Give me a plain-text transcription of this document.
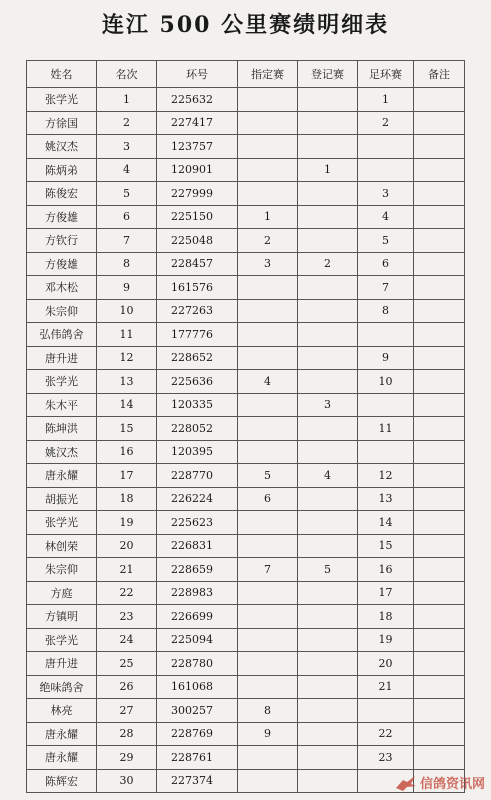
连江 500 公里赛绩明细表
姓名	名次	环号	指定赛	登记赛	足环赛	备注
张学光	1	225632			1	
方徐国	2	227417			2	
姚汉杰	3	123757				
陈炳弟	4	120901		1		
陈俊宏	5	227999			3	
方俊雄	6	225150	1		4	
方钦行	7	225048	2		5	
方俊雄	8	228457	3	2	6	
邓木松	9	161576			7	
朱宗仰	10	227263			8	
弘伟鸽舍	11	177776				
唐升进	12	228652			9	
张学光	13	225636	4		10	
朱木平	14	120335		3		
陈坤洪	15	228052			11	
姚汉杰	16	120395				
唐永耀	17	228770	5	4	12	
胡振光	18	226224	6		13	
张学光	19	225623			14	
林创荣	20	226831			15	
朱宗仰	21	228659	7	5	16	
方庭	22	228983			17	
方镇明	23	226699			18	
张学光	24	225094			19	
唐升进	25	228780			20	
绝味鸽舍	26	161068			21	
林亮	27	300257	8			
唐永耀	28	228769	9		22	
唐永耀	29	228761			23	
陈辉宏	30	227374					信鸽资讯网
